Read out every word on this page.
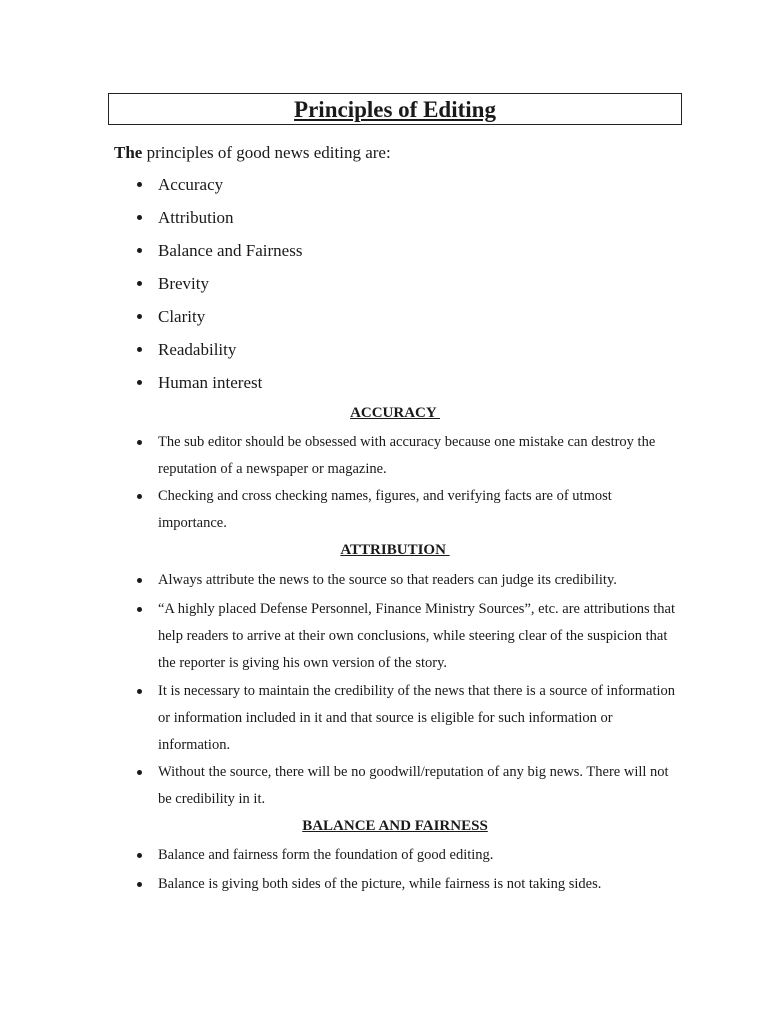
Principles of Editing
The principles of good news editing are:
Accuracy
Attribution
Balance and Fairness
Brevity
Clarity
Readability
Human interest
ACCURACY
The sub editor should be obsessed with accuracy because one mistake can destroy the reputation of a newspaper or magazine.
Checking and cross checking names, figures, and verifying facts are of utmost importance.
ATTRIBUTION
Always attribute the news to the source so that readers can judge its credibility.
“A highly placed Defense Personnel, Finance Ministry Sources”, etc. are attributions that help readers to arrive at their own conclusions, while steering clear of the suspicion that the reporter is giving his own version of the story.
It is necessary to maintain the credibility of the news that there is a source of information or information included in it and that source is eligible for such information or information.
Without the source, there will be no goodwill/reputation of any big news. There will not be credibility in it.
BALANCE AND FAIRNESS
Balance and fairness form the foundation of good editing.
Balance is giving both sides of the picture, while fairness is not taking sides.
